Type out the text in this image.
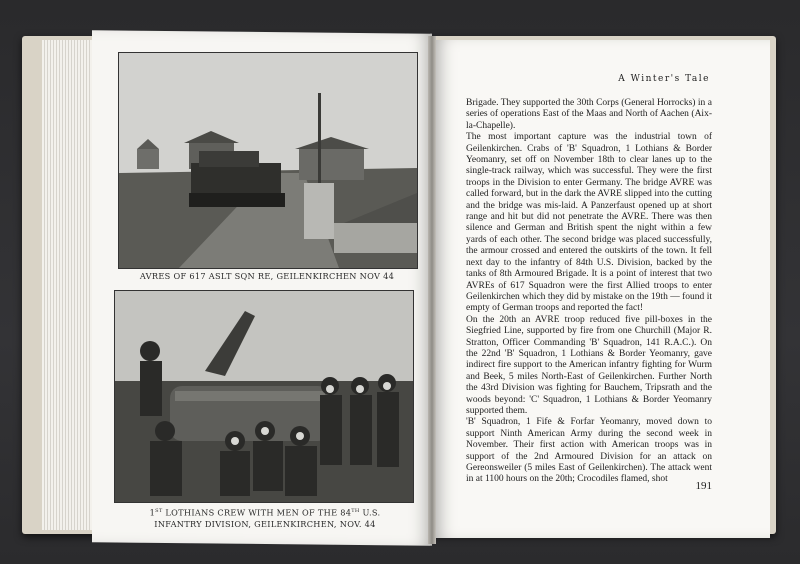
AVRES OF 617 ASLT SQN RE, GEILENKIRCHEN NOV 44
1ST LOTHIANS CREW WITH MEN OF THE 84TH U.S.
INFANTRY DIVISION, GEILENKIRCHEN, NOV. 44
A Winter's Tale

Brigade. They supported the 30th Corps (General Horrocks) in a series of operations East of the Maas and North of Aachen (Aix-la-Chapelle).

The most important capture was the industrial town of Geilenkirchen. Crabs of 'B' Squadron, 1 Lothians & Border Yeomanry, set off on November 18th to clear lanes up to the single-track railway, which was successful. They were the first troops in the Division to enter Germany. The bridge AVRE was called forward, but in the dark the AVRE slipped into the cutting and the bridge was mis-laid. A Panzerfaust opened up at short range and hit but did not penetrate the AVRE. There was then silence and German and British spent the night within a few yards of each other. The second bridge was placed successfully, the armour crossed and entered the outskirts of the town. It fell next day to the infantry of 84th U.S. Division, backed by the tanks of 8th Armoured Brigade. It is a point of interest that two AVREs of 617 Squadron were the first Allied troops to enter Geilenkirchen which they did by mistake on the 19th — found it empty of German troops and reported the fact!

On the 20th an AVRE troop reduced five pill-boxes in the Siegfried Line, supported by fire from one Churchill (Major R. Stratton, Officer Commanding 'B' Squadron, 141 R.A.C.). On the 22nd 'B' Squadron, 1 Lothians & Border Yeomanry, gave indirect fire support to the American infantry fighting for Wurm and Beek, 5 miles North-East of Geilenkirchen. Further North the 43rd Division was fighting for Bauchem, Tripsrath and the woods beyond: 'C' Squadron, 1 Lothians & Border Yeomanry supported them.

'B' Squadron, 1 Fife & Forfar Yeomanry, moved down to support Ninth American Army during the second week in November. Their first action with American troops was in support of the 2nd Armoured Division for an attack on Gereonsweiler (5 miles East of Geilenkirchen). The attack went in at 1100 hours on the 20th; Crocodiles flamed, shot

191
